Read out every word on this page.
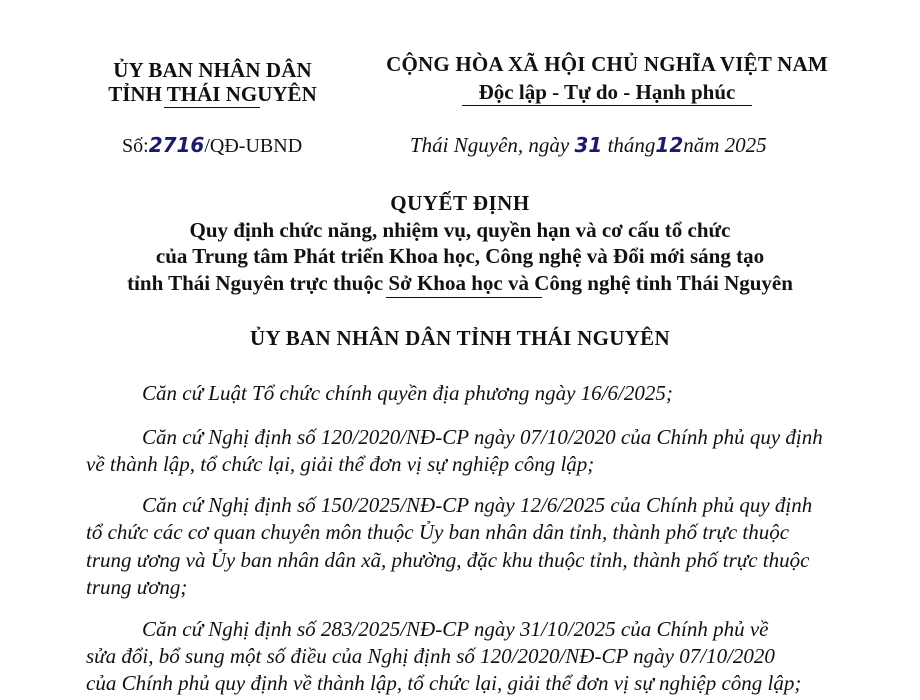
ỦY BAN NHÂN DÂN
TỈNH THÁI NGUYÊN
CỘNG HÒA XÃ HỘI CHỦ NGHĨA VIỆT NAM
Độc lập - Tự do - Hạnh phúc
Số:2716/QĐ-UBND	Thái Nguyên, ngày 31 tháng12năm 2025
QUYẾT ĐỊNH
Quy định chức năng, nhiệm vụ, quyền hạn và cơ cấu tổ chức
của Trung tâm Phát triển Khoa học, Công nghệ và Đổi mới sáng tạo
tỉnh Thái Nguyên trực thuộc Sở Khoa học và Công nghệ tỉnh Thái Nguyên
ỦY BAN NHÂN DÂN TỈNH THÁI NGUYÊN
Căn cứ Luật Tổ chức chính quyền địa phương ngày 16/6/2025;
Căn cứ Nghị định số 120/2020/NĐ-CP ngày 07/10/2020 của Chính phủ quy định
về thành lập, tổ chức lại, giải thể đơn vị sự nghiệp công lập;
Căn cứ Nghị định số 150/2025/NĐ-CP ngày 12/6/2025 của Chính phủ quy định
tổ chức các cơ quan chuyên môn thuộc Ủy ban nhân dân tỉnh, thành phố trực thuộc
trung ương và Ủy ban nhân dân xã, phường, đặc khu thuộc tỉnh, thành phố trực thuộc
trung ương;
Căn cứ Nghị định số 283/2025/NĐ-CP ngày 31/10/2025 của Chính phủ về
sửa đổi, bổ sung một số điều của Nghị định số 120/2020/NĐ-CP ngày 07/10/2020
của Chính phủ quy định về thành lập, tổ chức lại, giải thể đơn vị sự nghiệp công lập;
